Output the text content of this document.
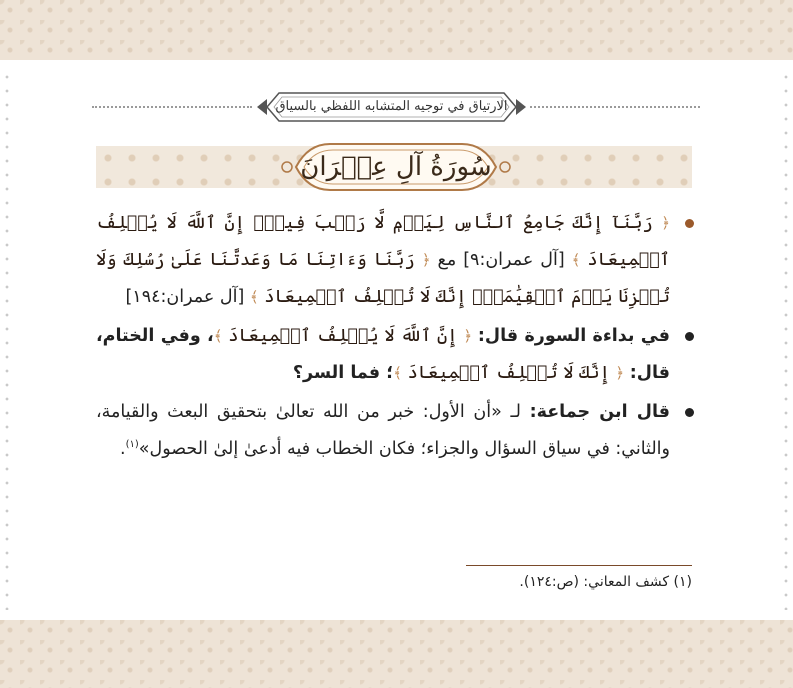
الارتياق في توجيه المتشابه اللفظي بالسياق
سُورَةُ آلِ عِمۡرَانَ
﴿ رَبَّنَآ إِنَّكَ جَامِعُ ٱلنَّاسِ لِيَوۡمٖ لَّا رَيۡبَ فِيهِۚ إِنَّ ٱللَّهَ لَا يُخۡلِفُ ٱلۡمِيعَادَ ﴾ [آل عمران:٩] مع ﴿ رَبَّنَا وَءَاتِنَا مَا وَعَدتَّنَا عَلَىٰ رُسُلِكَ وَلَا تُخۡزِنَا يَوۡمَ ٱلۡقِيَٰمَةِۖ إِنَّكَ لَا تُخۡلِفُ ٱلۡمِيعَادَ ﴾ [آل عمران:١٩٤]
في بداءة السورة قال: ﴿ إِنَّ ٱللَّهَ لَا يُخۡلِفُ ٱلۡمِيعَادَ ﴾، وفي الختام، قال: ﴿ إِنَّكَ لَا تُخۡلِفُ ٱلۡمِيعَادَ ﴾؛ فما السر؟
قال ابن جماعة: لـ «أن الأول: خبر من الله تعالىٰ بتحقيق البعث والقيامة، والثاني: في سياق السؤال والجزاء؛ فكان الخطاب فيه أدعىٰ إلىٰ الحصول»$^{(١)}$.
(١) كشف المعاني: (ص:١٢٤).
